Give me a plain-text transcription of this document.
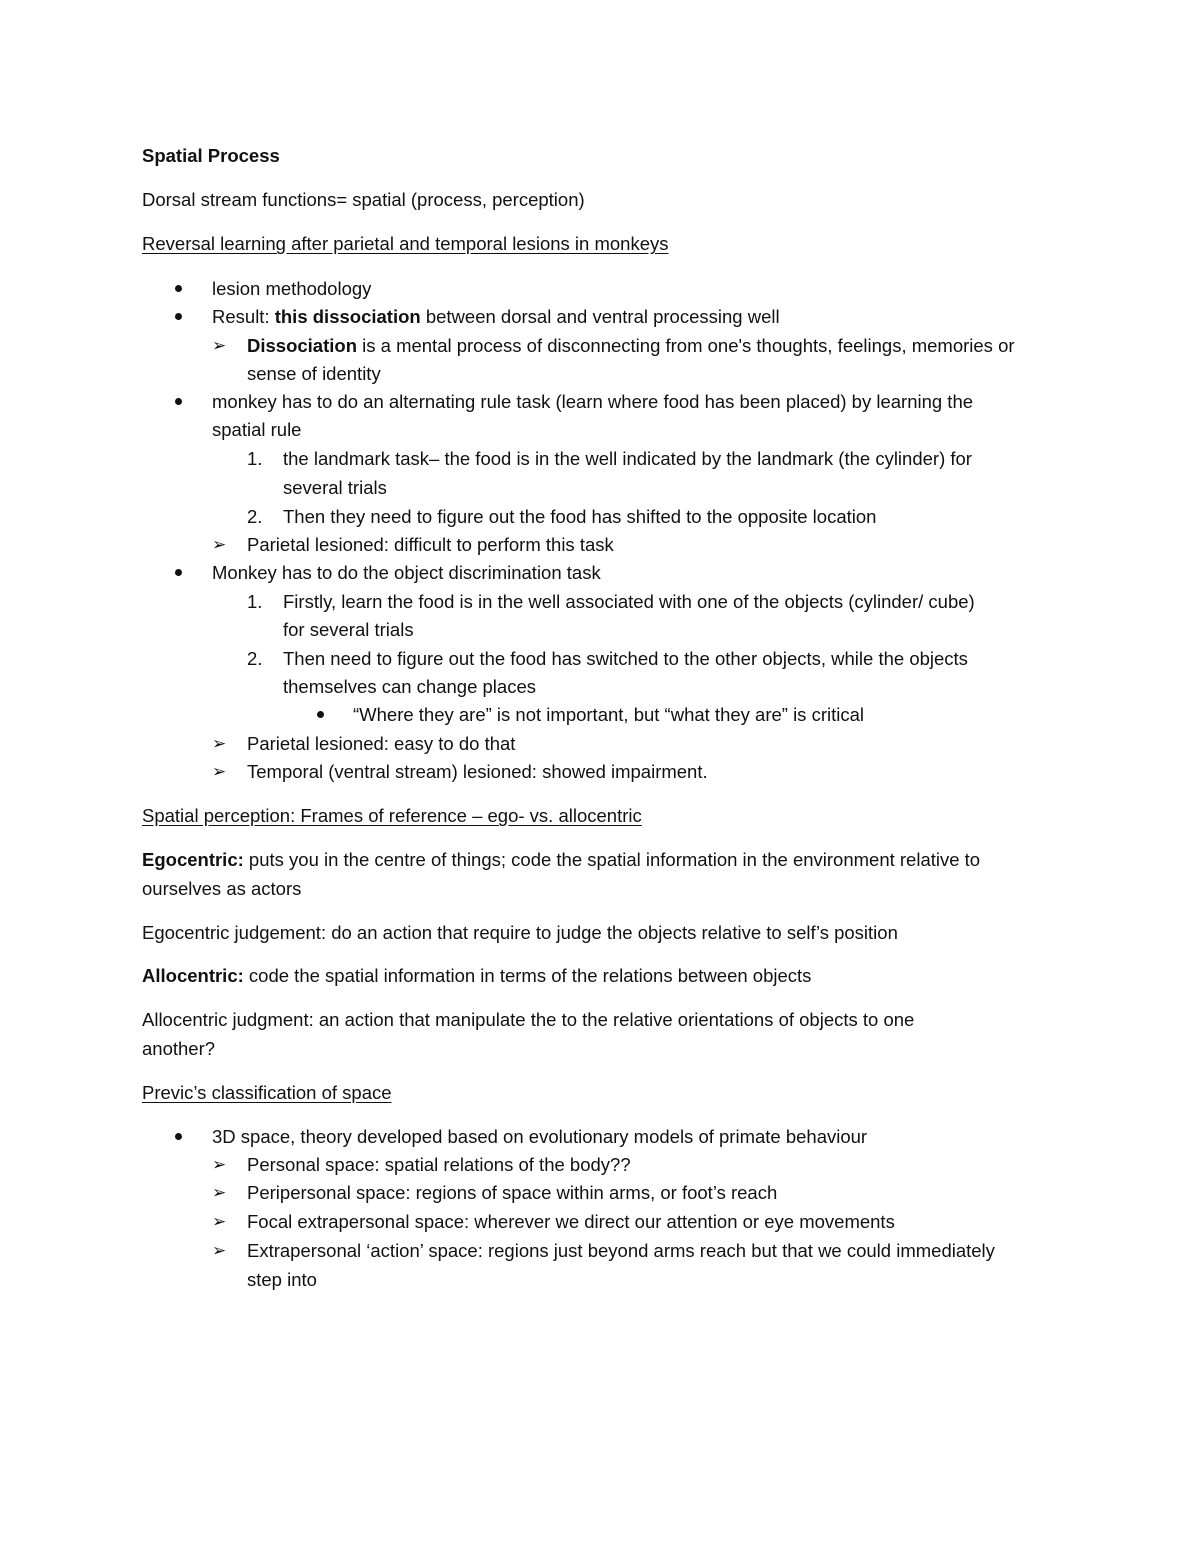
Spatial Process
Dorsal stream functions= spatial (process, perception)
Reversal learning after parietal and temporal lesions in monkeys
lesion methodology
Result: this dissociation between dorsal and ventral processing well
➢ Dissociation is a mental process of disconnecting from one's thoughts, feelings, memories or
sense of identity
monkey has to do an alternating rule task (learn where food has been placed) by learning the
spatial rule
1. the landmark task– the food is in the well indicated by the landmark (the cylinder) for
several trials
2. Then they need to figure out the food has shifted to the opposite location
➢ Parietal lesioned: difficult to perform this task
Monkey has to do the object discrimination task
1. Firstly, learn the food is in the well associated with one of the objects (cylinder/ cube)
for several trials
2. Then need to figure out the food has switched to the other objects, while the objects
themselves can change places
“Where they are” is not important, but “what they are” is critical
➢ Parietal lesioned: easy to do that
➢ Temporal (ventral stream) lesioned: showed impairment.
Spatial perception: Frames of reference – ego- vs. allocentric
Egocentric: puts you in the centre of things; code the spatial information in the environment relative to
ourselves as actors
Egocentric judgement: do an action that require to judge the objects relative to self’s position
Allocentric: code the spatial information in terms of the relations between objects
Allocentric judgment: an action that manipulate the to the relative orientations of objects to one
another?
Previc’s classification of space
3D space, theory developed based on evolutionary models of primate behaviour
➢ Personal space: spatial relations of the body??
➢ Peripersonal space: regions of space within arms, or foot’s reach
➢ Focal extrapersonal space: wherever we direct our attention or eye movements
➢ Extrapersonal ‘action’ space: regions just beyond arms reach but that we could immediately
step into
